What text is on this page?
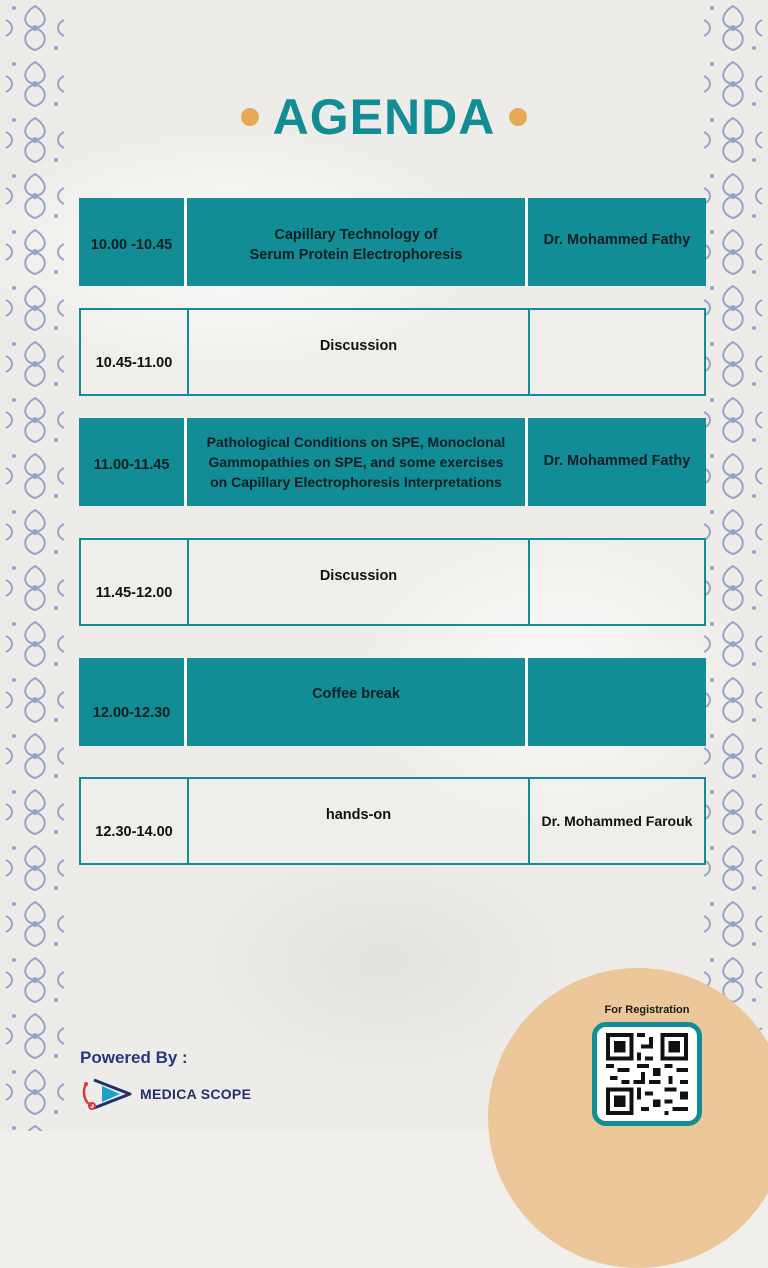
AGENDA
10.00 -10.45
Capillary Technology of
Serum Protein Electrophoresis
Dr. Mohammed Fathy
10.45-11.00
Discussion
11.00-11.45
Pathological Conditions on SPE, Monoclonal
Gammopathies on SPE, and some exercises
on Capillary Electrophoresis Interpretations
Dr. Mohammed Fathy
11.45-12.00
Discussion
12.00-12.30
Coffee break
12.30-14.00
hands-on	Dr. Mohammed Farouk
For Registration
Powered By :
MEDICA SCOPE
